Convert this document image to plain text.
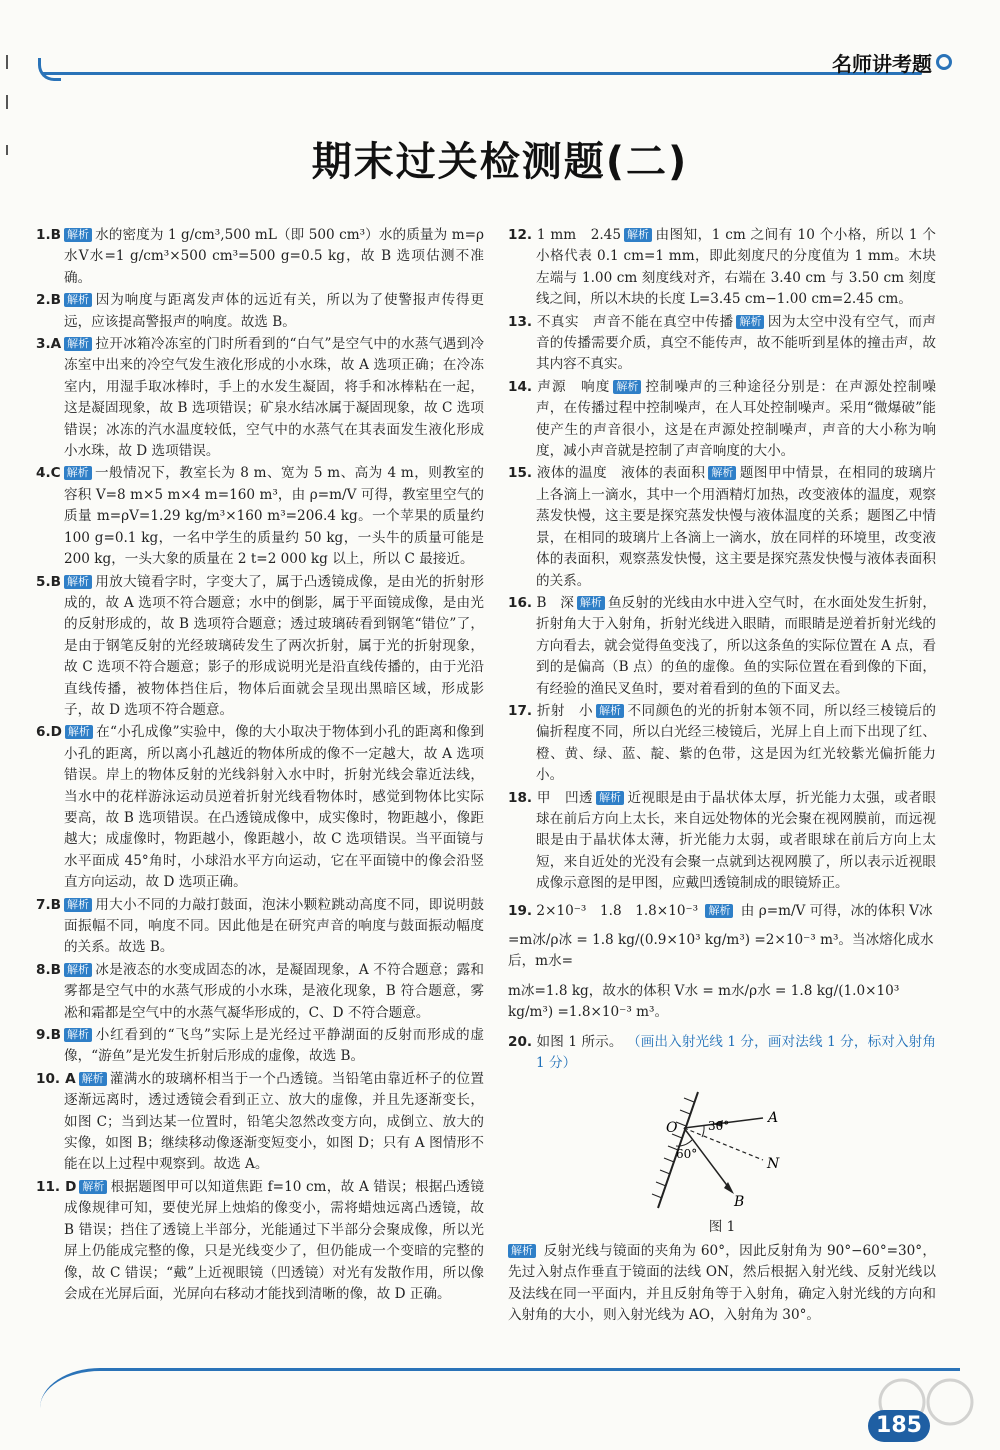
名师讲考题
期末过关检测题(二)
1.B 解析 水的密度为 1 g/cm³,500 mL（即 500 cm³）水的质量为 m=ρ水V水=1 g/cm³×500 cm³=500 g=0.5 kg，故 B 选项估测不准确。
2.B 解析 因为响度与距离发声体的远近有关，所以为了使警报声传得更远，应该提高警报声的响度。故选 B。
3.A 解析 拉开冰箱冷冻室的门时所看到的“白气”是空气中的水蒸气遇到冷冻室中出来的冷空气发生液化形成的小水珠，故 A 选项正确；在冷冻室内，用湿手取冰棒时，手上的水发生凝固，将手和冰棒粘在一起，这是凝固现象，故 B 选项错误；矿泉水结冰属于凝固现象，故 C 选项错误；冰冻的汽水温度较低，空气中的水蒸气在其表面发生液化形成小水珠，故 D 选项错误。
4.C 解析 一般情况下，教室长为 8 m、宽为 5 m、高为 4 m，则教室的容积 V=8 m×5 m×4 m=160 m³，由 ρ=m/V 可得，教室里空气的质量 m=ρV=1.29 kg/m³×160 m³=206.4 kg。一个苹果的质量约 100 g=0.1 kg，一名中学生的质量约 50 kg，一头牛的质量可能是 200 kg，一头大象的质量在 2 t=2 000 kg 以上，所以 C 最接近。
5.B 解析 用放大镜看字时，字变大了，属于凸透镜成像，是由光的折射形成的，故 A 选项不符合题意；水中的倒影，属于平面镜成像，是由光的反射形成的，故 B 选项符合题意；透过玻璃砖看到钢笔“错位”了，是由于钢笔反射的光经玻璃砖发生了两次折射，属于光的折射现象，故 C 选项不符合题意；影子的形成说明光是沿直线传播的，由于光沿直线传播，被物体挡住后，物体后面就会呈现出黑暗区域，形成影子，故 D 选项不符合题意。
6.D 解析 在“小孔成像”实验中，像的大小取决于物体到小孔的距离和像到小孔的距离，所以离小孔越近的物体所成的像不一定越大，故 A 选项错误。岸上的物体反射的光线斜射入水中时，折射光线会靠近法线，当水中的花样游泳运动员逆着折射光线看物体时，感觉到物体比实际要高，故 B 选项错误。在凸透镜成像中，成实像时，物距越小，像距越大；成虚像时，物距越小，像距越小，故 C 选项错误。当平面镜与水平面成 45°角时，小球沿水平方向运动，它在平面镜中的像会沿竖直方向运动，故 D 选项正确。
7.B 解析 用大小不同的力敲打鼓面，泡沫小颗粒跳动高度不同，即说明鼓面振幅不同，响度不同。因此他是在研究声音的响度与鼓面振动幅度的关系。故选 B。
8.B 解析 冰是液态的水变成固态的冰，是凝固现象，A 不符合题意；露和雾都是空气中的水蒸气形成的小水珠，是液化现象，B 符合题意，雾凇和霜都是空气中的水蒸气凝华形成的，C、D 不符合题意。
9.B 解析 小红看到的“飞鸟”实际上是光经过平静湖面的反射而形成的虚像，“游鱼”是光发生折射后形成的虚像，故选 B。
10. A 解析 灌满水的玻璃杯相当于一个凸透镜。当铅笔由靠近杯子的位置逐渐远离时，透过透镜会看到正立、放大的虚像，并且先逐渐变长，如图 C；当到达某一位置时，铅笔尖忽然改变方向，成倒立、放大的实像，如图 B；继续移动像逐渐变短变小，如图 D；只有 A 图情形不能在以上过程中观察到。故选 A。
11. D 解析 根据题图甲可以知道焦距 f=10 cm，故 A 错误；根据凸透镜成像规律可知，要使光屏上烛焰的像变小，需将蜡烛远离凸透镜，故 B 错误；挡住了透镜上半部分，光能通过下半部分会聚成像，所以光屏上仍能成完整的像，只是光线变少了，但仍能成一个变暗的完整的像，故 C 错误；“戴”上近视眼镜（凹透镜）对光有发散作用，所以像会成在光屏后面，光屏向右移动才能找到清晰的像，故 D 正确。
12. 1 mm　2.45 解析 由图知，1 cm 之间有 10 个小格，所以 1 个小格代表 0.1 cm=1 mm，即此刻度尺的分度值为 1 mm。木块左端与 1.00 cm 刻度线对齐，右端在 3.40 cm 与 3.50 cm 刻度线之间，所以木块的长度 L=3.45 cm−1.00 cm=2.45 cm。
13. 不真实　声音不能在真空中传播 解析 因为太空中没有空气，而声音的传播需要介质，真空不能传声，故不能听到星体的撞击声，故其内容不真实。
14. 声源　响度 解析 控制噪声的三种途径分别是：在声源处控制噪声，在传播过程中控制噪声，在人耳处控制噪声。采用“微爆破”能使产生的声音很小，这是在声源处控制噪声，声音的大小称为响度，减小声音就是控制了声音响度的大小。
15. 液体的温度　液体的表面积 解析 题图甲中情景，在相同的玻璃片上各滴上一滴水，其中一个用酒精灯加热，改变液体的温度，观察蒸发快慢，这主要是探究蒸发快慢与液体温度的关系；题图乙中情景，在相同的玻璃片上各滴上一滴水，放在同样的环境里，改变液体的表面积，观察蒸发快慢，这主要是探究蒸发快慢与液体表面积的关系。
16. B　深 解析 鱼反射的光线由水中进入空气时，在水面处发生折射，折射角大于入射角，折射光线进入眼睛，而眼睛是逆着折射光线的方向看去，就会觉得鱼变浅了，所以这条鱼的实际位置在 A 点，看到的是偏高（B 点）的鱼的虚像。鱼的实际位置在看到像的下面，有经验的渔民叉鱼时，要对着看到的鱼的下面叉去。
17. 折射　小 解析 不同颜色的光的折射本领不同，所以经三棱镜后的偏折程度不同，所以白光经三棱镜后，光屏上自上而下出现了红、橙、黄、绿、蓝、靛、紫的色带，这是因为红光较紫光偏折能力小。
18. 甲　凹透 解析 近视眼是由于晶状体太厚，折光能力太强，或者眼球在前后方向上太长，来自远处物体的光会聚在视网膜前，而远视眼是由于晶状体太薄，折光能力太弱，或者眼球在前后方向上太短，来自近处的光没有会聚一点就到达视网膜了，所以表示近视眼成像示意图的是甲图，应戴凹透镜制成的眼镜矫正。
19. 2×10⁻³　1.8　1.8×10⁻³ 解析 由 ρ=m/V 可得，冰的体积 V冰
=m冰/ρ冰 = 1.8 kg/(0.9×10³ kg/m³) =2×10⁻³ m³。当冰熔化成水后，m水=
m冰=1.8 kg，故水的体积 V水 = m水/ρ水 = 1.8 kg/(1.0×10³ kg/m³) =1.8×10⁻³ m³。
20. 如图 1 所示。 （画出入射光线 1 分，画对法线 1 分，标对入射角 1 分）
O
A
N
B
30°
60°
图 1
解析 反射光线与镜面的夹角为 60°，因此反射角为 90°−60°=30°，先过入射点作垂直于镜面的法线 ON，然后根据入射光线、反射光线以及法线在同一平面内，并且反射角等于入射角，确定入射光线的方向和入射角的大小，则入射光线为 AO，入射角为 30°。
185
